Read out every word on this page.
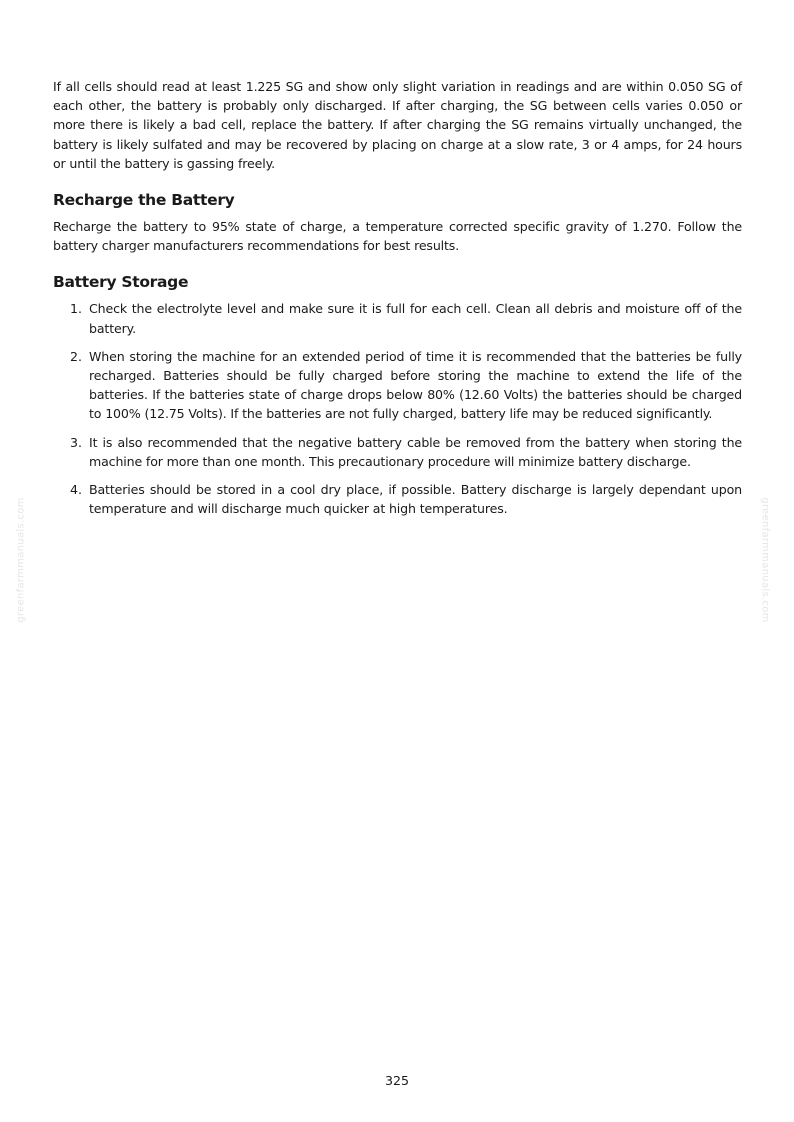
If all cells should read at least 1.225 SG and show only slight variation in readings and are within 0.050 SG of each other, the battery is probably only discharged. If after charging, the SG between cells varies 0.050 or more there is likely a bad cell, replace the battery. If after charging the SG remains virtually unchanged, the battery is likely sulfated and may be recovered by placing on charge at a slow rate, 3 or 4 amps, for 24 hours or until the battery is gassing freely.

Recharge the Battery

Recharge the battery to 95% state of charge, a temperature corrected specific gravity of 1.270. Follow the battery charger manufacturers recommendations for best results.

Battery Storage
1. Check the electrolyte level and make sure it is full for each cell. Clean all debris and moisture off of the battery.
2. When storing the machine for an extended period of time it is recommended that the batteries be fully recharged. Batteries should be fully charged before storing the machine to extend the life of the batteries. If the batteries state of charge drops below 80% (12.60 Volts) the batteries should be charged to 100% (12.75 Volts). If the batteries are not fully charged, battery life may be reduced significantly.
3. It is also recommended that the negative battery cable be removed from the battery when storing the machine for more than one month. This precautionary procedure will minimize battery discharge.
4. Batteries should be stored in a cool dry place, if possible. Battery discharge is largely dependant upon temperature and will discharge much quicker at high temperatures.
greenfarmmanuals.com	greenfarmmanuals.com
325
